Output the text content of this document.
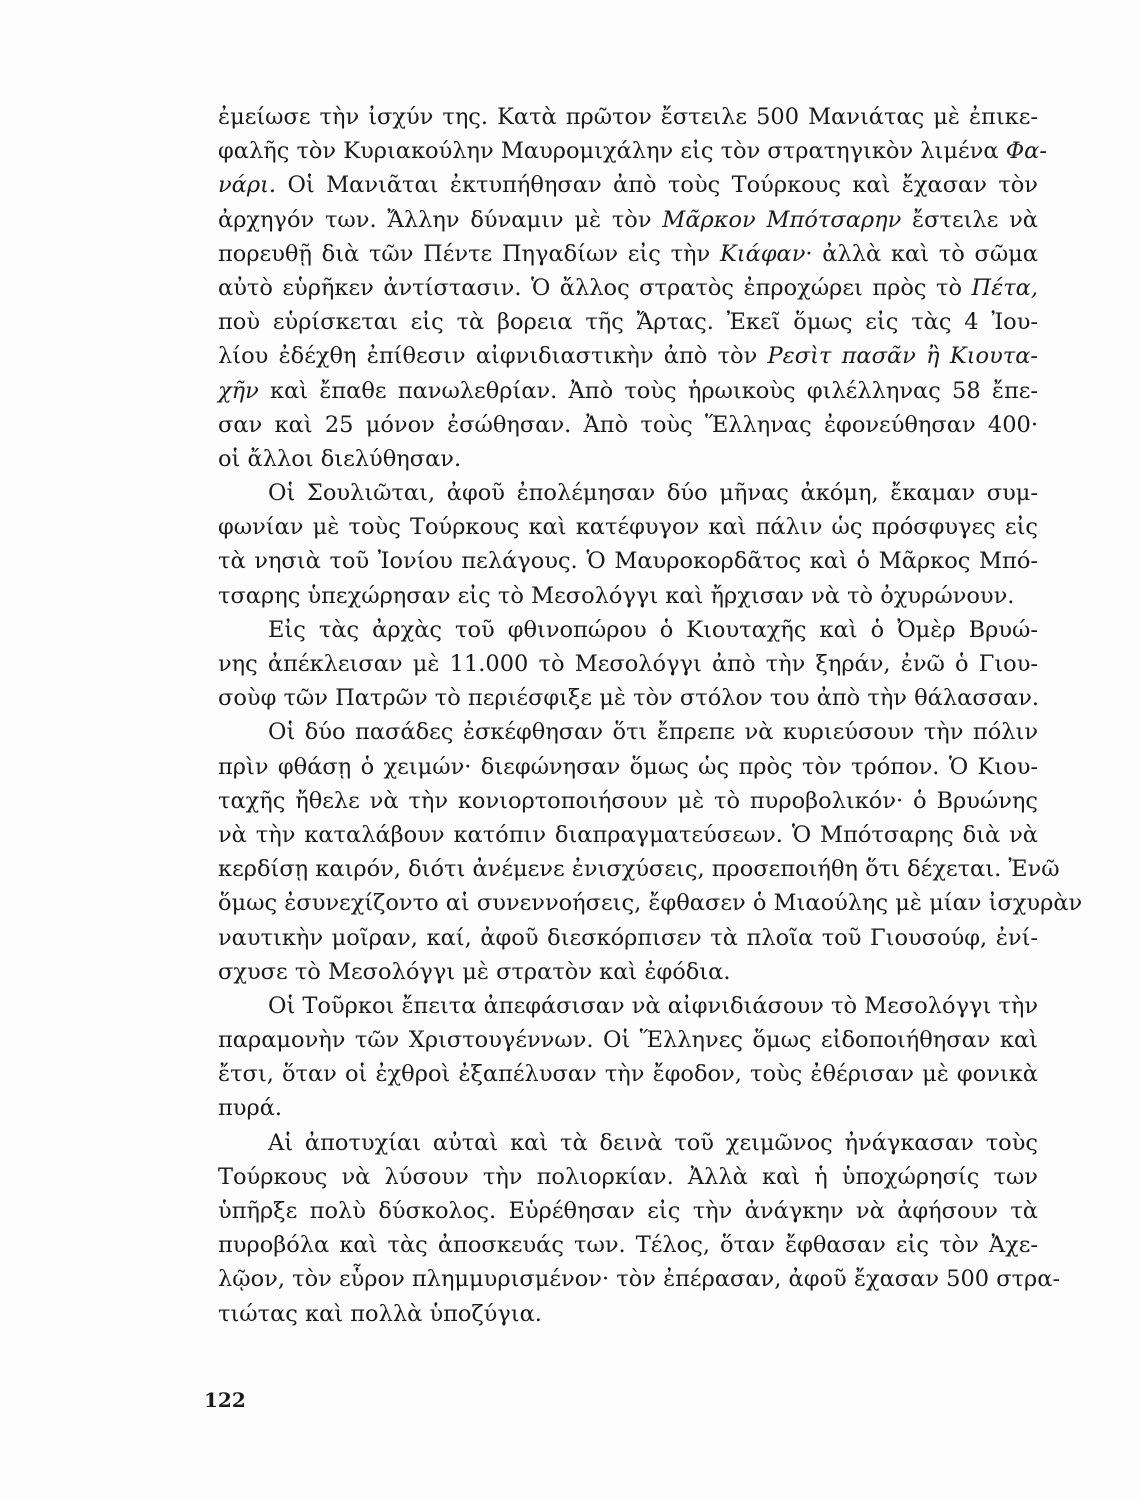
ἐμείωσε τὴν ἰσχύν της. Κατὰ πρῶτον ἔστειλε 500 Μανιάτας μὲ ἐπικε-
φαλῆς τὸν Κυριακούλην Μαυρομιχάλην εἰς τὸν στρατηγικὸν λιμένα Φα-
νάρι. Οἱ Μανιᾶται ἐκτυπήθησαν ἀπὸ τοὺς Τούρκους καὶ ἔχασαν τὸν
ἀρχηγόν των. Ἄλλην δύναμιν μὲ τὸν Μᾶρκον Μπότσαρην ἔστειλε νὰ
πορευθῇ διὰ τῶν Πέντε Πηγαδίων εἰς τὴν Κιάφαν· ἀλλὰ καὶ τὸ σῶμα
αὐτὸ εὑρῆκεν ἀντίστασιν. Ὁ ἄλλος στρατὸς ἐπροχώρει πρὸς τὸ Πέτα,
ποὺ εὑρίσκεται εἰς τὰ βορεια τῆς Ἄρτας. Ἐκεῖ ὅμως εἰς τὰς 4 Ἰου-
λίου ἐδέχθη ἐπίθεσιν αἰφνιδιαστικὴν ἀπὸ τὸν Ρεσὶτ πασᾶν ἢ Κιουτα-
χῆν καὶ ἔπαθε πανωλεθρίαν. Ἀπὸ τοὺς ἡρωικοὺς φιλέλληνας 58 ἔπε-
σαν καὶ 25 μόνον ἐσώθησαν. Ἀπὸ τοὺς Ἕλληνας ἐφονεύθησαν 400·
οἱ ἄλλοι διελύθησαν.
Οἱ Σουλιῶται, ἀφοῦ ἐπολέμησαν δύο μῆνας ἀκόμη, ἔκαμαν συμ-
φωνίαν μὲ τοὺς Τούρκους καὶ κατέφυγον καὶ πάλιν ὡς πρόσφυγες εἰς
τὰ νησιὰ τοῦ Ἰονίου πελάγους. Ὁ Μαυροκορδᾶτος καὶ ὁ Μᾶρκος Μπό-
τσαρης ὑπεχώρησαν εἰς τὸ Μεσολόγγι καὶ ἤρχισαν νὰ τὸ ὀχυρώνουν.
Εἰς τὰς ἀρχὰς τοῦ φθινοπώρου ὁ Κιουταχῆς καὶ ὁ Ὀμὲρ Βρυώ-
νης ἀπέκλεισαν μὲ 11.000 τὸ Μεσολόγγι ἀπὸ τὴν ξηράν, ἐνῶ ὁ Γιου-
σοὺφ τῶν Πατρῶν τὸ περιέσφιξε μὲ τὸν στόλον του ἀπὸ τὴν θάλασσαν.
Οἱ δύο πασάδες ἐσκέφθησαν ὅτι ἔπρεπε νὰ κυριεύσουν τὴν πόλιν
πρὶν φθάσῃ ὁ χειμών· διεφώνησαν ὅμως ὡς πρὸς τὸν τρόπον. Ὁ Κιου-
ταχῆς ἤθελε νὰ τὴν κονιορτοποιήσουν μὲ τὸ πυροβολικόν· ὁ Βρυώνης
νὰ τὴν καταλάβουν κατόπιν διαπραγματεύσεων. Ὁ Μπότσαρης διὰ νὰ
κερδίσῃ καιρόν, διότι ἀνέμενε ἐνισχύσεις, προσεποιήθη ὅτι δέχεται. Ἐνῶ
ὅμως ἐσυνεχίζοντο αἱ συνεννοήσεις, ἔφθασεν ὁ Μιαούλης μὲ μίαν ἰσχυρὰν
ναυτικὴν μοῖραν, καί, ἀφοῦ διεσκόρπισεν τὰ πλοῖα τοῦ Γιουσούφ, ἐνί-
σχυσε τὸ Μεσολόγγι μὲ στρατὸν καὶ ἐφόδια.
Οἱ Τοῦρκοι ἔπειτα ἀπεφάσισαν νὰ αἰφνιδιάσουν τὸ Μεσολόγγι τὴν
παραμονὴν τῶν Χριστουγέννων. Οἱ Ἕλληνες ὅμως εἰδοποιήθησαν καὶ
ἔτσι, ὅταν οἱ ἐχθροὶ ἐξαπέλυσαν τὴν ἔφοδον, τοὺς ἐθέρισαν μὲ φονικὰ
πυρά.
Αἱ ἀποτυχίαι αὐταὶ καὶ τὰ δεινὰ τοῦ χειμῶνος ἠνάγκασαν τοὺς
Τούρκους νὰ λύσουν τὴν πολιορκίαν. Ἀλλὰ καὶ ἡ ὑποχώρησίς των
ὑπῆρξε πολὺ δύσκολος. Εὑρέθησαν εἰς τὴν ἀνάγκην νὰ ἀφήσουν τὰ
πυροβόλα καὶ τὰς ἀποσκευάς των. Τέλος, ὅταν ἔφθασαν εἰς τὸν Ἀχε-
λῷον, τὸν εὗρον πλημμυρισμένον· τὸν ἐπέρασαν, ἀφοῦ ἔχασαν 500 στρα-
τιώτας καὶ πολλὰ ὑποζύγια.
122
